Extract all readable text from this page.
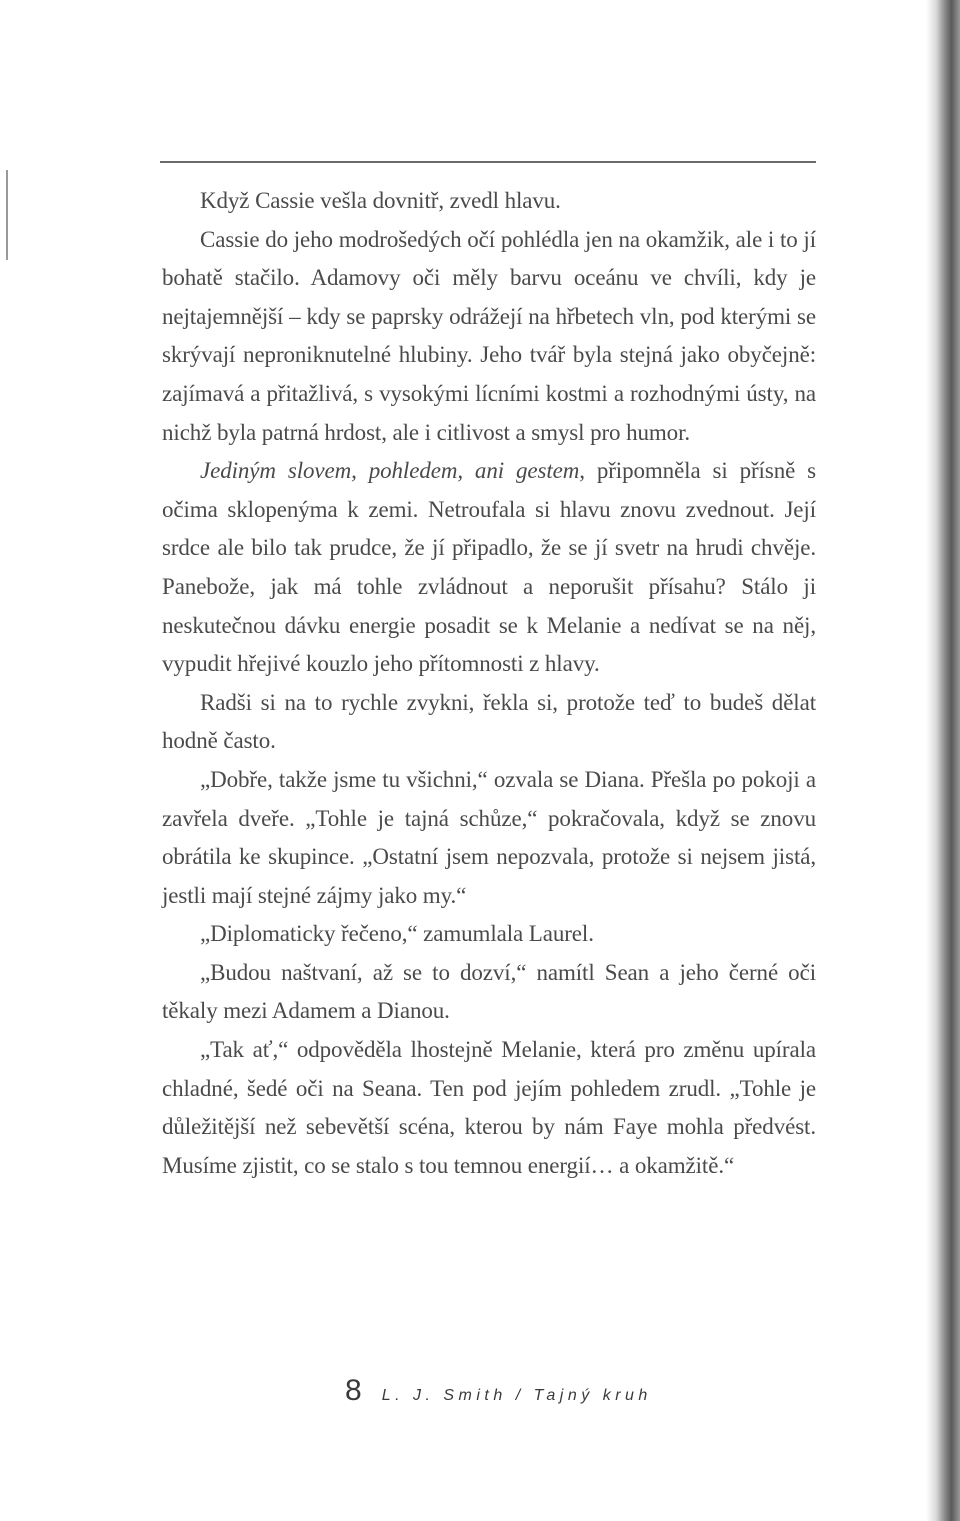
Když Cassie vešla dovnitř, zvedl hlavu.

Cassie do jeho modrošedých očí pohlédla jen na okamžik, ale i to jí bohatě stačilo. Adamovy oči měly barvu oceánu ve chvíli, kdy je nejtajemnější – kdy se paprsky odrážejí na hřbetech vln, pod kterými se skrývají neproniknutelné hlubiny. Jeho tvář byla stejná jako obyčejně: zajímavá a přitažlivá, s vysokými lícními kostmi a rozhodnými ústy, na nichž byla patrná hrdost, ale i citlivost a smysl pro humor.

Jediným slovem, pohledem, ani gestem, připomněla si přísně s očima sklopenýma k zemi. Netroufala si hlavu znovu zvednout. Její srdce ale bilo tak prudce, že jí připadlo, že se jí svetr na hrudi chvěje. Panebože, jak má tohle zvládnout a neporušit přísahu? Stálo ji neskutečnou dávku energie posadit se k Melanie a nedívat se na něj, vypudit hřejivé kouzlo jeho přítomnosti z hlavy.

Radši si na to rychle zvykni, řekla si, protože teď to budeš dělat hodně často.

„Dobře, takže jsme tu všichni,“ ozvala se Diana. Přešla po pokoji a zavřela dveře. „Tohle je tajná schůze,“ pokračovala, když se znovu obrátila ke skupince. „Ostatní jsem nepozvala, protože si nejsem jistá, jestli mají stejné zájmy jako my.“

„Diplomaticky řečeno,“ zamumlala Laurel.

„Budou naštvaní, až se to dozví,“ namítl Sean a jeho černé oči těkaly mezi Adamem a Dianou.

„Tak ať,“ odpověděla lhostejně Melanie, která pro změnu upírala chladné, šedé oči na Seana. Ten pod jejím pohledem zrudl. „Tohle je důležitější než sebevětší scéna, kterou by nám Faye mohla předvést. Musíme zjistit, co se stalo s tou temnou energií… a okamžitě.“

8 L. J. Smith / Tajný kruh
